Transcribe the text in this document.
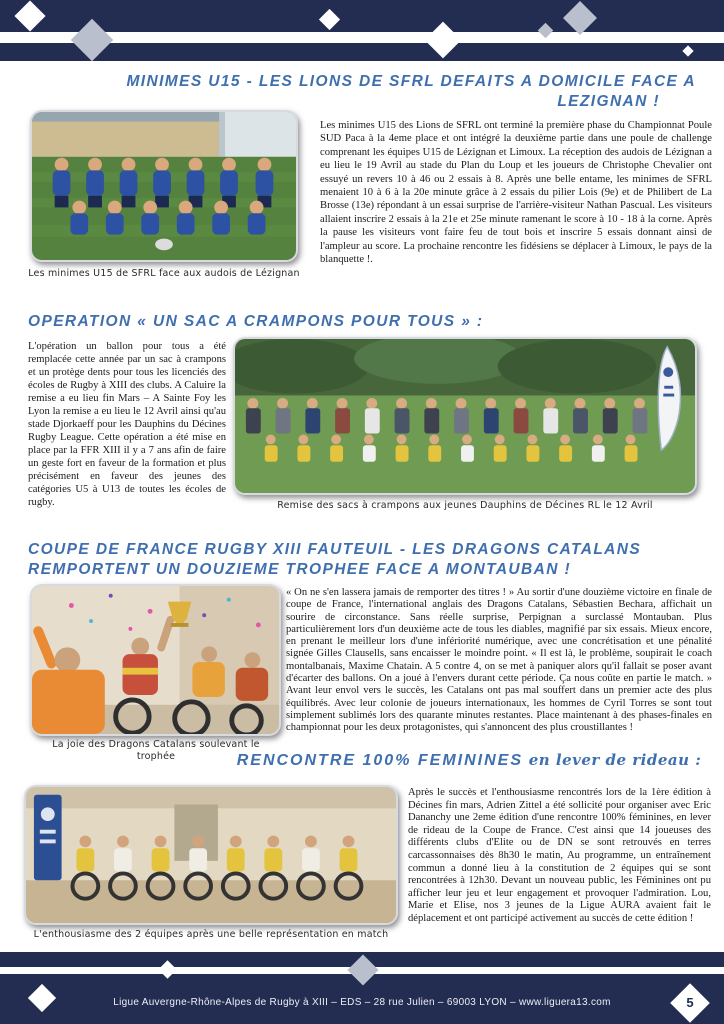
MINIMES U15 - LES LIONS DE SFRL DEFAITS A DOMICILE FACE A
LEZIGNAN !
Les minimes U15 de SFRL face aux audois de Lézignan
Les minimes U15 des Lions de SFRL ont terminé la première phase du Championnat Poule SUD Paca à la 4eme place et ont intégré la deuxième partie dans une poule de challenge comprenant les équipes U15 de Lézignan et Limoux. La réception des audois de Lézignan a eu lieu le 19 Avril au stade du Plan du Loup et les joueurs de Christophe Chevalier ont essuyé un revers 10 à 46 ou 2 essais à 8. Après une belle entame, les minimes de SFRL menaient 10 à 6 à la 20e minute grâce à 2 essais du pilier Lois (9e) et de Philibert de La Brosse (13e) répondant à un essai surprise de l'arrière-visiteur Nathan Pascual. Les visiteurs allaient inscrire 2 essais à la 21e et 25e minute ramenant le score à 10 - 18 à la corne. Après la pause les visiteurs vont faire feu de tout bois et inscrire 5 essais donnant ainsi de l'ampleur au score. La prochaine rencontre les fidésiens se déplacer à Limoux, le pays de la blanquette !.
OPERATION « UN SAC A CRAMPONS POUR TOUS » :
L'opération un ballon pour tous a été remplacée cette année par un sac à crampons et un protège dents pour tous les licenciés des écoles de Rugby à XIII des clubs. A Caluire la remise a eu lieu fin Mars – A Sainte Foy les Lyon la remise a eu lieu le 12 Avril ainsi qu'au stade Djorkaeff pour les Dauphins du Décines Rugby League. Cette opération a été mise en place par la FFR XIII il y a 7 ans afin de faire un geste fort en faveur de la formation et plus précisément en faveur des jeunes des catégories U5 à U13 de toutes les écoles de rugby.	Remise des sacs à crampons aux jeunes Dauphins de Décines RL le 12 Avril
COUPE DE FRANCE RUGBY XIII FAUTEUIL - LES DRAGONS CATALANS
REMPORTENT UN DOUZIEME TROPHEE FACE A MONTAUBAN !
La joie des Dragons Catalans soulevant le trophée
« On ne s'en lassera jamais de remporter des titres ! » Au sortir d'une douzième victoire en finale de coupe de France, l'international anglais des Dragons Catalans, Sébastien Bechara, affichait un sourire de circonstance. Sans réelle surprise, Perpignan a surclassé Montauban. Plus particulièrement lors d'un deuxième acte de tous les diables, magnifié par six essais. Mieux encore, en prenant le meilleur lors d'une infériorité numérique, avec une concrétisation et une pénalité signée Gilles Clausells, sans encaisser le moindre point. « Il est là, le problème, soupirait le coach montalbanais, Maxime Chatain. A 5 contre 4, on se met à paniquer alors qu'il fallait se poser avant d'écarter des ballons. On a joué à l'envers durant cette période. Ça nous coûte en partie le match. » Avant leur envol vers le succès, les Catalans ont pas mal souffert dans un premier acte des plus équilibrés. Avec leur colonie de joueurs internationaux, les hommes de Cyril Torres se sont tout simplement sublimés lors des quarante minutes restantes. Place maintenant à des phases-finales en championnat pour les deux protagonistes, qui s'annoncent des plus croustillantes !
RENCONTRE 100% FEMININES en lever de rideau :
L'enthousiasme des 2 équipes après une belle représentation en match
Après le succès et l'enthousiasme rencontrés lors de la 1ère édition à Décines fin mars, Adrien Zittel a été sollicité pour organiser avec Eric Dananchy une 2eme édition d'une rencontre 100% féminines, en lever de rideau de la Coupe de France. C'est ainsi que 14 joueuses des différents clubs d'Elite ou de DN se sont retrouvés en terres carcassonnaises dès 8h30 le matin, Au programme, un entraînement commun a donné lieu à la constitution de 2 équipes qui se sont rencontrées à 12h30. Devant un nouveau public, les Féminines ont pu afficher leur jeu et leur engagement et provoquer l'admiration. Lou, Marie et Elise, nos 3 jeunes de la Ligue AURA avaient fait le déplacement et ont participé activement au succès de cette édition !
Ligue Auvergne-Rhône-Alpes de Rugby à XIII – EDS – 28 rue Julien – 69003 LYON – www.liguera13.com	5
